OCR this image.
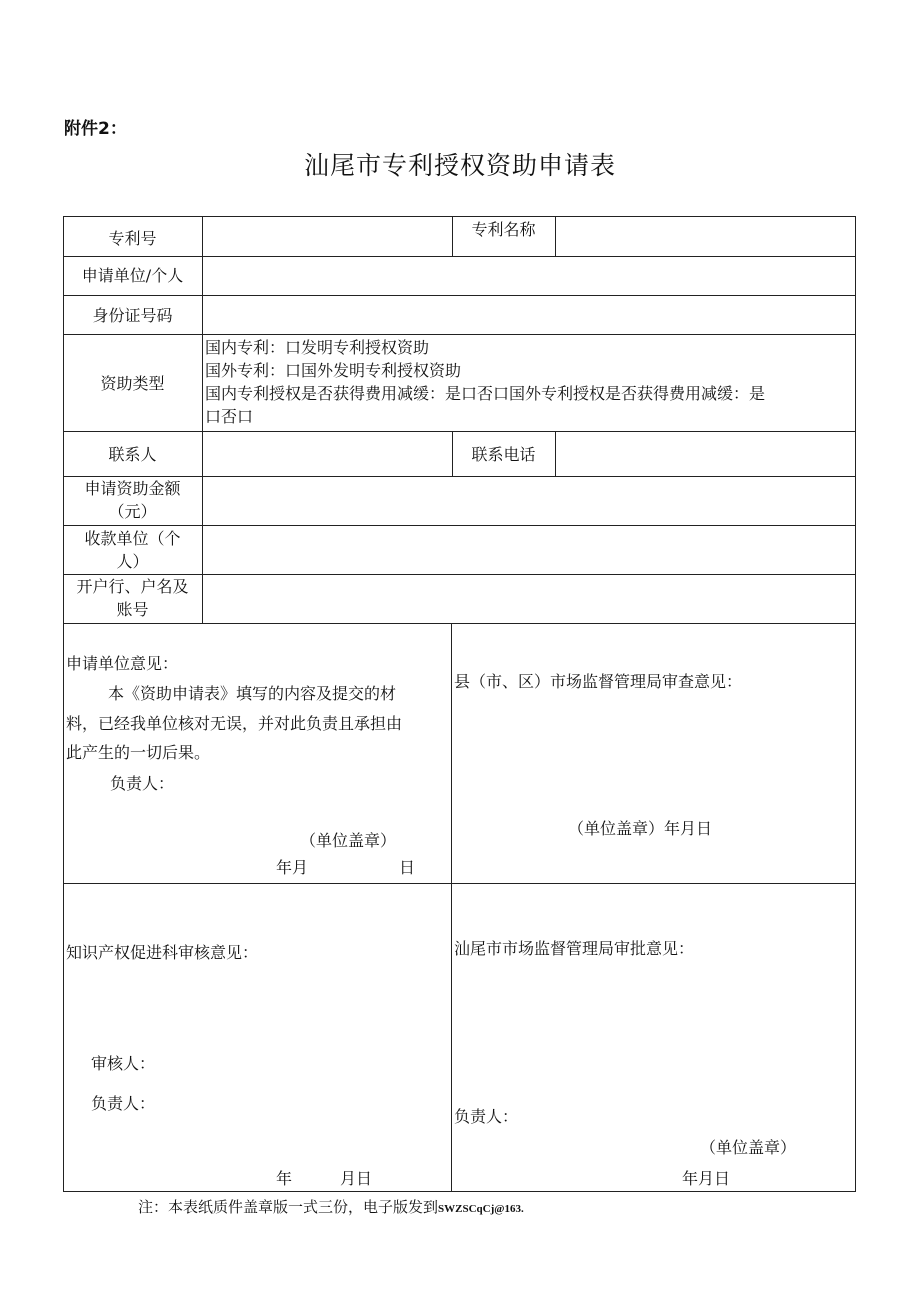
附件2：
汕尾市专利授权资助申请表
专利号	专利名称
申请单位/个人
身份证号码
资助类型
国内专利：口发明专利授权资助
国外专利：口国外发明专利授权资助
国内专利授权是否获得费用减缓：是口否口国外专利授权是否获得费用减缓：是
口否口
联系人	联系电话
申请资助金额
（元）
收款单位（个
人）
开户行、户名及
账号
申请单位意见：
本《资助申请表》填写的内容及提交的材
料，已经我单位核对无误，并对此负责且承担由
此产生的一切后果。
负责人：
（单位盖章）
年月	日
县（市、区）市场监督管理局审查意见：
（单位盖章）年月日
知识产权促进科审核意见：
审核人：
负责人：
年	月日
汕尾市市场监督管理局审批意见：
负责人：
（单位盖章）
年月日
注：本表纸质件盖章版一式三份，电子版发到SWZSCqCj@163.
